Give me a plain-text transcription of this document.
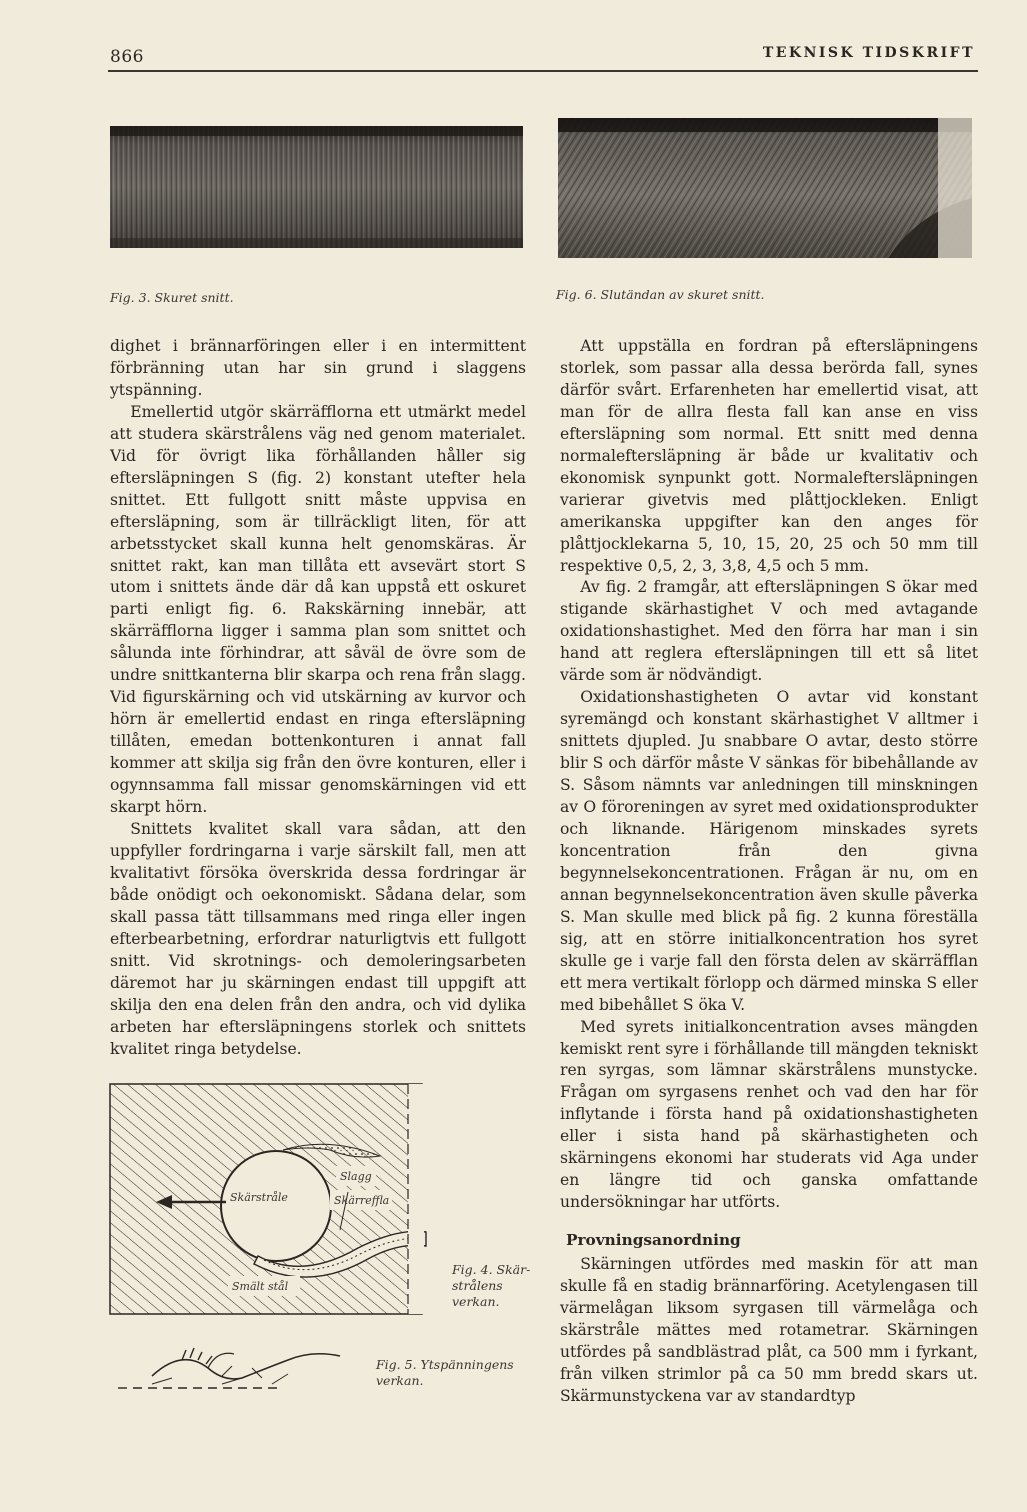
866	TEKNISK TIDSKRIFT
Fig. 3. Skuret snitt.	Fig. 6. Slutändan av skuret snitt.

dighet i brännarföringen eller i en intermittent förbränning utan har sin grund i slaggens ytspänning.

Emellertid utgör skärräfflorna ett utmärkt medel att studera skärstrålens väg ned genom materialet. Vid för övrigt lika förhållanden håller sig eftersläpningen S (fig. 2) konstant utefter hela snittet. Ett fullgott snitt måste uppvisa en eftersläpning, som är tillräckligt liten, för att arbetsstycket skall kunna helt genomskäras. Är snittet rakt, kan man tillåta ett avsevärt stort S utom i snittets ände där då kan uppstå ett oskuret parti enligt fig. 6. Rakskärning innebär, att skärräfflorna ligger i samma plan som snittet och sålunda inte förhindrar, att såväl de övre som de undre snittkanterna blir skarpa och rena från slagg. Vid figurskärning och vid utskärning av kurvor och hörn är emellertid endast en ringa eftersläpning tillåten, emedan bottenkonturen i annat fall kommer att skilja sig från den övre konturen, eller i ogynnsamma fall missar genomskärningen vid ett skarpt hörn.

Snittets kvalitet skall vara sådan, att den uppfyller fordringarna i varje särskilt fall, men att kvalitativt försöka överskrida dessa fordringar är både onödigt och oekonomiskt. Sådana delar, som skall passa tätt tillsammans med ringa eller ingen efterbearbetning, erfordrar naturligtvis ett fullgott snitt. Vid skrotnings- och demoleringsarbeten däremot har ju skärningen endast till uppgift att skilja den ena delen från den andra, och vid dylika arbeten har eftersläpningens storlek och snittets kvalitet ringa betydelse.

Att uppställa en fordran på eftersläpningens storlek, som passar alla dessa berörda fall, synes därför svårt. Erfarenheten har emellertid visat, att man för de allra flesta fall kan anse en viss eftersläpning som normal. Ett snitt med denna normaleftersläpning är både ur kvalitativ och ekonomisk synpunkt gott. Normaleftersläpningen varierar givetvis med plåttjockleken. Enligt amerikanska uppgifter kan den anges för plåttjocklekarna 5, 10, 15, 20, 25 och 50 mm till respektive 0,5, 2, 3, 3,8, 4,5 och 5 mm.

Av fig. 2 framgår, att eftersläpningen S ökar med stigande skärhastighet V och med avtagande oxidationshastighet. Med den förra har man i sin hand att reglera eftersläpningen till ett så litet värde som är nödvändigt.

Oxidationshastigheten O avtar vid konstant syremängd och konstant skärhastighet V alltmer i snittets djupled. Ju snabbare O avtar, desto större blir S och därför måste V sänkas för bibehållande av S. Såsom nämnts var anledningen till minskningen av O föroreningen av syret med oxidationsprodukter och liknande. Härigenom minskades syrets koncentration från den givna begynnelsekoncentrationen. Frågan är nu, om en annan begynnelsekoncentration även skulle påverka S. Man skulle med blick på fig. 2 kunna föreställa sig, att en större initialkoncentration hos syret skulle ge i varje fall den första delen av skärräfflan ett mera vertikalt förlopp och därmed minska S eller med bibehållet S öka V.

Med syrets initialkoncentration avses mängden kemiskt rent syre i förhållande till mängden tekniskt ren syrgas, som lämnar skärstrålens munstycke. Frågan om syrgasens renhet och vad den har för inflytande i första hand på oxidationshastigheten eller i sista hand på skärhastigheten och skärningens ekonomi har studerats vid Aga under en längre tid och ganska omfattande undersökningar har utförts.

Provningsanordning

Skärningen utfördes med maskin för att man skulle få en stadig brännarföring. Acetylengasen till värmelågan liksom syrgasen till värmelåga och skärstråle mättes med rotametrar. Skärningen utfördes på sandblästrad plåt, ca 500 mm i fyrkant, från vilken strimlor på ca 50 mm bredd skars ut. Skärmunstyckena var av standardtyp

Skärstråle
Slagg
Skärreffla
Smält stål
Fig. 4. Skär-
strålens
verkan.
Fig. 5. Ytspänningens
verkan.
